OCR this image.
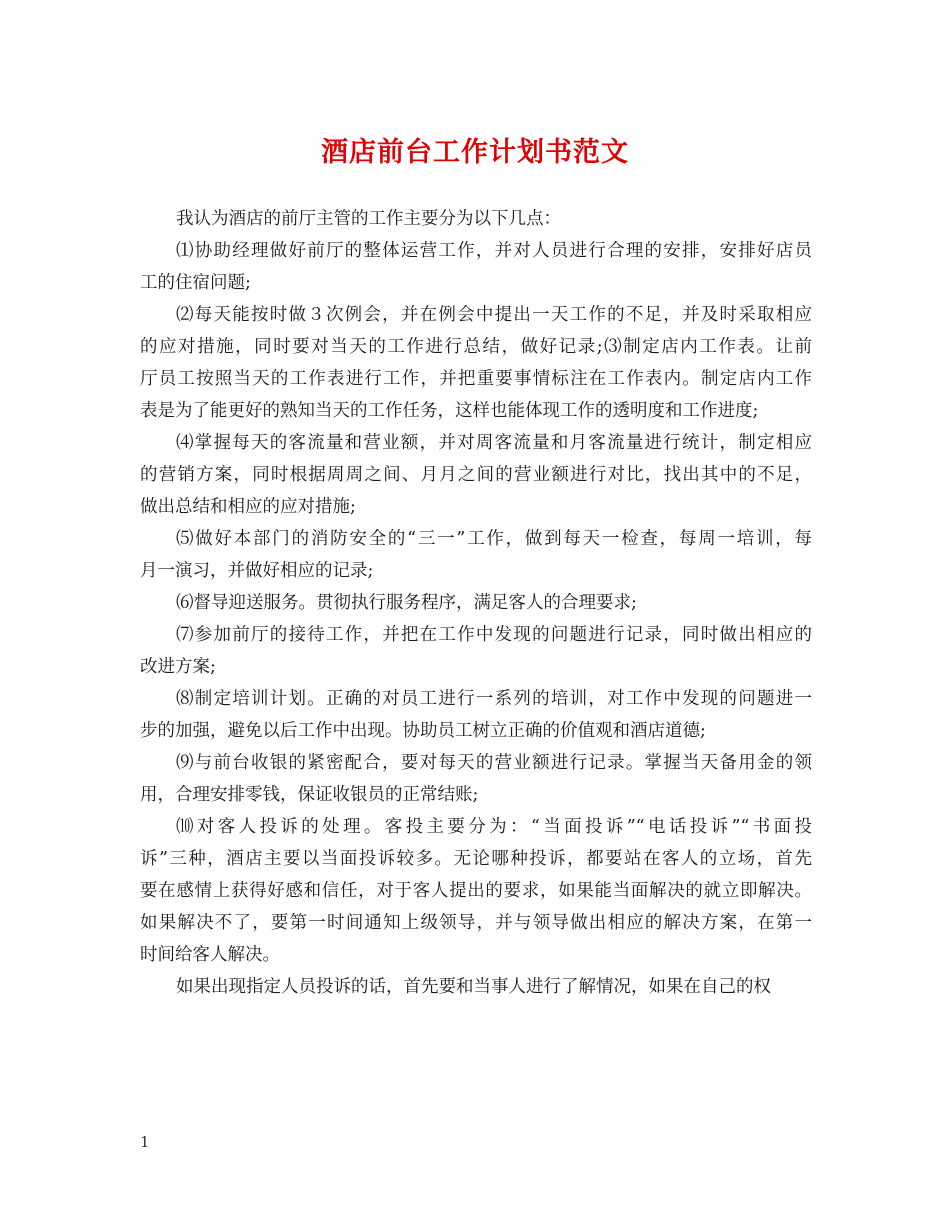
酒店前台工作计划书范文
我认为酒店的前厅主管的工作主要分为以下几点：
⑴协助经理做好前厅的整体运营工作，并对人员进行合理的安排，安排好店员
工的住宿问题;
⑵每天能按时做３次例会，并在例会中提出一天工作的不足，并及时采取相应
的应对措施，同时要对当天的工作进行总结，做好记录;⑶制定店内工作表。让前
厅员工按照当天的工作表进行工作，并把重要事情标注在工作表内。制定店内工作
表是为了能更好的熟知当天的工作任务，这样也能体现工作的透明度和工作进度;
⑷掌握每天的客流量和营业额，并对周客流量和月客流量进行统计，制定相应
的营销方案，同时根据周周之间、月月之间的营业额进行对比，找出其中的不足，
做出总结和相应的应对措施;
⑸做好本部门的消防安全的“三一”工作，做到每天一检查，每周一培训，每
月一演习，并做好相应的记录;
⑹督导迎送服务。贯彻执行服务程序，满足客人的合理要求;
⑺参加前厅的接待工作，并把在工作中发现的问题进行记录，同时做出相应的
改进方案;
⑻制定培训计划。正确的对员工进行一系列的培训，对工作中发现的问题进一
步的加强，避免以后工作中出现。协助员工树立正确的价值观和酒店道德;
⑼与前台收银的紧密配合，要对每天的营业额进行记录。掌握当天备用金的领
用，合理安排零钱，保证收银员的正常结账;
⑽对客人投诉的处理。客投主要分为：“当面投诉”“电话投诉”“书面投
诉”三种，酒店主要以当面投诉较多。无论哪种投诉，都要站在客人的立场，首先
要在感情上获得好感和信任，对于客人提出的要求，如果能当面解决的就立即解决。
如果解决不了，要第一时间通知上级领导，并与领导做出相应的解决方案，在第一
时间给客人解决。
如果出现指定人员投诉的话，首先要和当事人进行了解情况，如果在自己的权
1
